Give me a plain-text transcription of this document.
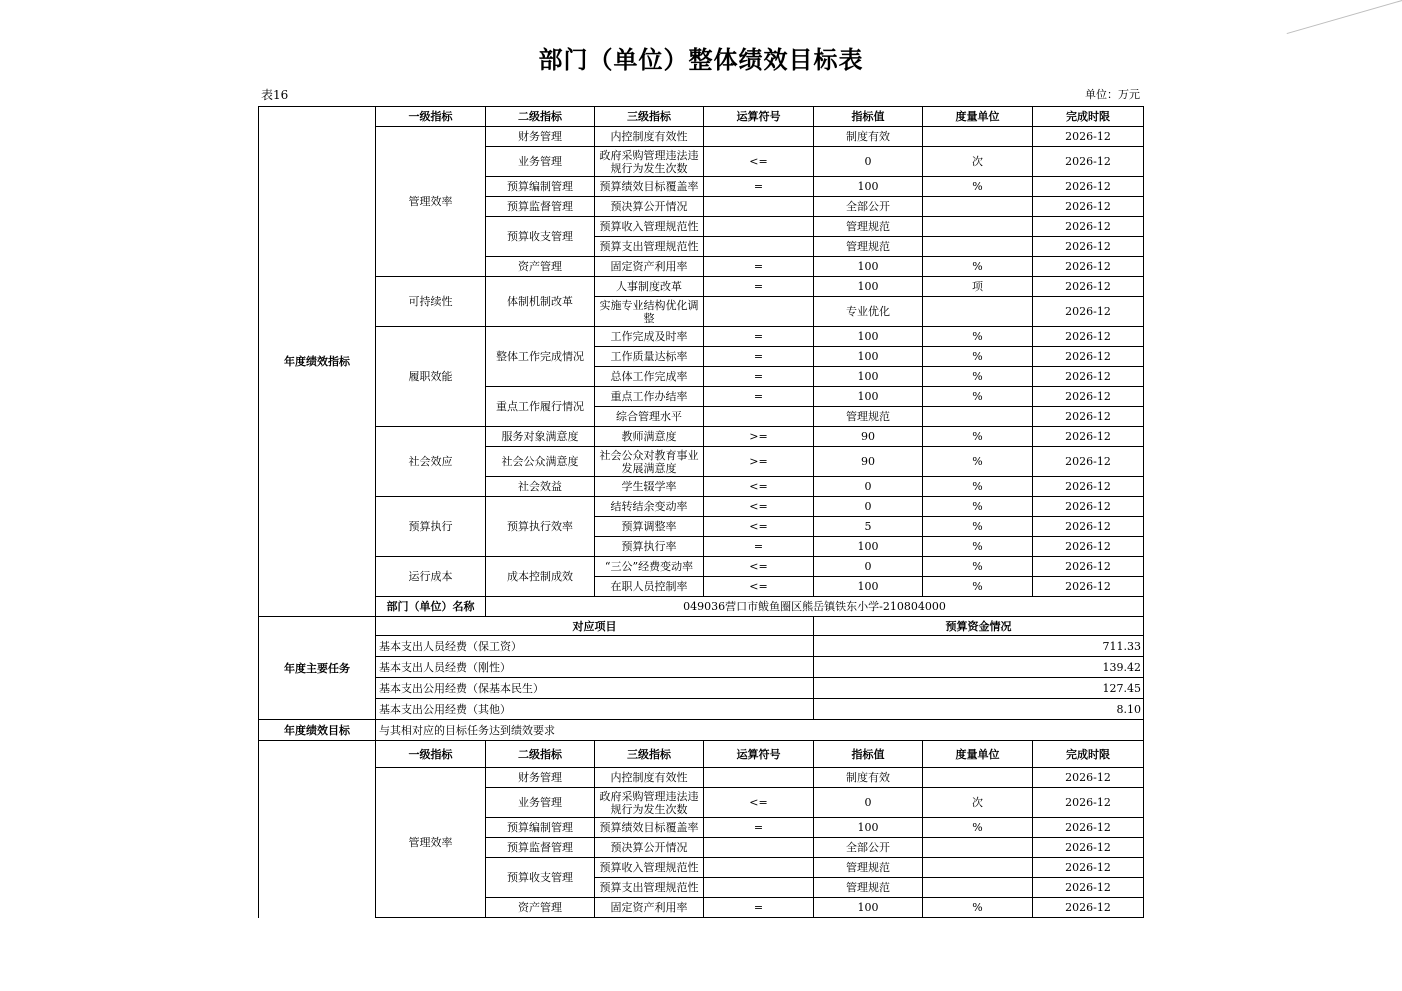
部门（单位）整体绩效目标表
表16	单位：万元
年度绩效指标	一级指标	二级指标	三级指标	运算符号	指标值	度量单位	完成时限
	管理效率	财务管理	内控制度有效性		制度有效		2026-12
		业务管理	政府采购管理违法违规行为发生次数	<=	0	次	2026-12
		预算编制管理	预算绩效目标覆盖率	=	100	%	2026-12
		预算监督管理	预决算公开情况		全部公开		2026-12
		预算收支管理	预算收入管理规范性		管理规范		2026-12
			预算支出管理规范性		管理规范		2026-12
		资产管理	固定资产利用率	=	100	%	2026-12
	可持续性	体制机制改革	人事制度改革	=	100	项	2026-12
			实施专业结构优化调整		专业优化		2026-12
	履职效能	整体工作完成情况	工作完成及时率	=	100	%	2026-12
			工作质量达标率	=	100	%	2026-12
			总体工作完成率	=	100	%	2026-12
		重点工作履行情况	重点工作办结率	=	100	%	2026-12
			综合管理水平		管理规范		2026-12
	社会效应	服务对象满意度	教师满意度	>=	90	%	2026-12
		社会公众满意度	社会公众对教育事业发展满意度	>=	90	%	2026-12
		社会效益	学生辍学率	<=	0	%	2026-12
	预算执行	预算执行效率	结转结余变动率	<=	0	%	2026-12
			预算调整率	<=	5	%	2026-12
			预算执行率	=	100	%	2026-12
	运行成本	成本控制成效	“三公”经费变动率	<=	0	%	2026-12
			在职人员控制率	<=	100	%	2026-12
	部门（单位）名称	049036营口市鲅鱼圈区熊岳镇铁东小学-210804000					
年度主要任务	对应项目				预算资金情况		
	基本支出人员经费（保工资）				711.33		
	基本支出人员经费（刚性）				139.42		
	基本支出公用经费（保基本民生）				127.45		
	基本支出公用经费（其他）				8.10		
年度绩效目标	与其相对应的目标任务达到绩效要求						
	一级指标	二级指标	三级指标	运算符号	指标值	度量单位	完成时限
	管理效率	财务管理	内控制度有效性		制度有效		2026-12
		业务管理	政府采购管理违法违规行为发生次数	<=	0	次	2026-12
		预算编制管理	预算绩效目标覆盖率	=	100	%	2026-12
		预算监督管理	预决算公开情况		全部公开		2026-12
		预算收支管理	预算收入管理规范性		管理规范		2026-12
			预算支出管理规范性		管理规范		2026-12
		资产管理	固定资产利用率	=	100	%	2026-12
